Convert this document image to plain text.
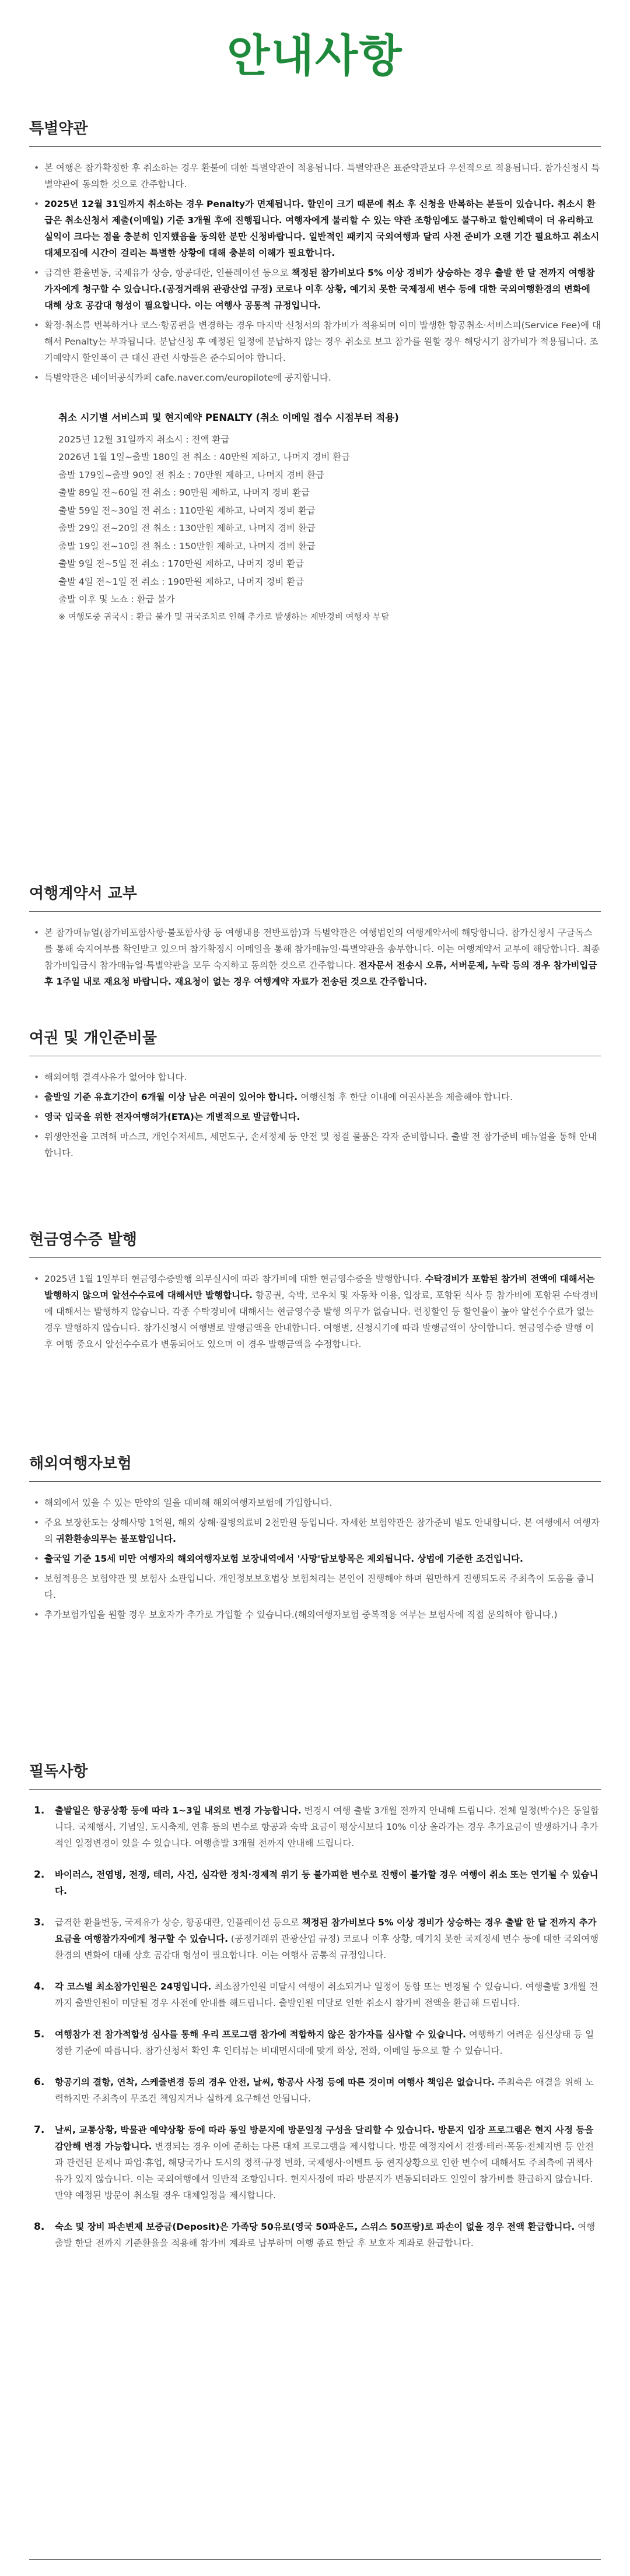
안내사항
특별약관
• 본 여행은 참가확정한 후 취소하는 경우 환불에 대한 특별약관이 적용됩니다. 특별약관은 표준약관보다 우선적으로 적용됩니다. 참가신청시 특별약관에 동의한 것으로 간주합니다.
• 2025년 12월 31일까지 취소하는 경우 Penalty가 면제됩니다. 할인이 크기 때문에 취소 후 신청을 반복하는 분들이 있습니다. 취소시 환급은 취소신청서 제출(이메일) 기준 3개월 후에 진행됩니다. 여행자에게 불리할 수 있는 약관 조항임에도 불구하고 할인혜택이 더 유리하고 실익이 크다는 점을 충분히 인지했음을 동의한 분만 신청바랍니다. 일반적인 패키지 국외여행과 달리 사전 준비가 오랜 기간 필요하고 취소시 대체모집에 시간이 걸리는 특별한 상황에 대해 충분히 이해가 필요합니다.
• 급격한 환율변동, 국제유가 상승, 항공대란, 인플레이션 등으로 책정된 참가비보다 5% 이상 경비가 상승하는 경우 출발 한 달 전까지 여행참가자에게 청구할 수 있습니다.(공정거래위 관광산업 규정) 코로나 이후 상황, 예기치 못한 국제정세 변수 등에 대한 국외여행환경의 변화에 대해 상호 공감대 형성이 필요합니다. 이는 여행사 공통적 규정입니다.
• 확정·취소를 번복하거나 코스·항공편을 변경하는 경우 마지막 신청서의 참가비가 적용되며 이미 발생한 항공취소·서비스피(Service Fee)에 대해서 Penalty는 부과됩니다. 분납신청 후 예정된 일정에 분납하지 않는 경우 취소로 보고 참가를 원할 경우 해당시기 참가비가 적용됩니다. 조기예약시 할인폭이 큰 대신 관련 사항들은 준수되어야 합니다.
• 특별약관은 네이버공식카페 cafe.naver.com/europilote에 공지합니다.
취소 시기별 서비스피 및 현지예약 PENALTY (취소 이메일 접수 시점부터 적용)
2025년 12월 31일까지 취소시 : 전액 환급
2026년 1월 1일~출발 180일 전 취소 : 40만원 제하고, 나머지 경비 환급
출발 179일~출발 90일 전 취소 : 70만원 제하고, 나머지 경비 환급
출발 89일 전~60일 전 취소 : 90만원 제하고, 나머지 경비 환급
출발 59일 전~30일 전 취소 : 110만원 제하고, 나머지 경비 환급
출발 29일 전~20일 전 취소 : 130만원 제하고, 나머지 경비 환급
출발 19일 전~10일 전 취소 : 150만원 제하고, 나머지 경비 환급
출발 9일 전~5일 전 취소 : 170만원 제하고, 나머지 경비 환급
출발 4일 전~1일 전 취소 : 190만원 제하고, 나머지 경비 환급
출발 이후 및 노쇼 : 환급 불가
※ 여행도중 귀국시 : 환급 불가 및 귀국조치로 인해 추가로 발생하는 제반경비 여행자 부담
여행계약서 교부
• 본 참가매뉴얼(참가비포함사항·불포함사항 등 여행내용 전반포함)과 특별약관은 여행법인의 여행계약서에 해당합니다. 참가신청시 구글독스를 통해 숙지여부를 확인받고 있으며 참가확정시 이메일을 통해 참가매뉴얼·특별약관을 송부합니다. 이는 여행계약서 교부에 해당합니다. 최종 참가비입금시 참가매뉴얼·특별약관을 모두 숙지하고 동의한 것으로 간주합니다. 전자문서 전송시 오류, 서버문제, 누락 등의 경우 참가비입금 후 1주일 내로 재요청 바랍니다. 재요청이 없는 경우 여행계약 자료가 전송된 것으로 간주합니다.
여권 및 개인준비물
• 해외여행 결격사유가 없어야 합니다.
• 출발일 기준 유효기간이 6개월 이상 남은 여권이 있어야 합니다. 여행신청 후 한달 이내에 여권사본을 제출해야 합니다.
• 영국 입국을 위한 전자여행허가(ETA)는 개별적으로 발급합니다.
• 위생안전을 고려해 마스크, 개인수저세트, 세면도구, 손세정제 등 안전 및 청결 물품은 각자 준비합니다. 출발 전 참가준비 매뉴얼을 통해 안내합니다.
현금영수증 발행
• 2025년 1월 1일부터 현금영수증발행 의무실시에 따라 참가비에 대한 현금영수증을 발행합니다. 수탁경비가 포함된 참가비 전액에 대해서는 발행하지 않으며 알선수수료에 대해서만 발행합니다. 항공권, 숙박, 코우치 및 자동차 이용, 입장료, 포함된 식사 등 참가비에 포함된 수탁경비에 대해서는 발행하지 않습니다. 각종 수탁경비에 대해서는 현금영수증 발행 의무가 없습니다. 런칭할인 등 할인율이 높아 알선수수료가 없는 경우 발행하지 않습니다. 참가신청시 여행별로 발행금액을 안내합니다. 여행별, 신청시기에 따라 발행금액이 상이합니다. 현금영수증 발행 이후 여행 중요시 알선수수료가 변동되어도 있으며 이 경우 발행금액을 수정합니다.
해외여행자보험
• 해외에서 있을 수 있는 만약의 일을 대비해 해외여행자보험에 가입합니다.
• 주요 보장한도는 상해사망 1억원, 해외 상해·질병의료비 2천만원 등입니다. 자세한 보험약관은 참가준비 별도 안내합니다. 본 여행에서 여행자의 귀환환송의무는 불포함입니다.
• 출국일 기준 15세 미만 여행자의 해외여행자보험 보장내역에서 '사망'담보항목은 제외됩니다. 상법에 기준한 조건입니다.
• 보험적용은 보험약관 및 보험사 소관입니다. 개인정보보호법상 보험처리는 본인이 진행해야 하며 원만하게 진행되도록 주최측이 도움을 줍니다.
• 추가보험가입을 원할 경우 보호자가 추가로 가입할 수 있습니다.(해외여행자보험 중복적용 여부는 보험사에 직접 문의해야 합니다.)
필독사항
1. 출발일은 항공상황 등에 따라 1~3일 내외로 변경 가능합니다. 변경시 여행 출발 3개월 전까지 안내해 드립니다. 전체 일정(박수)은 동일합니다. 국제행사, 기념일, 도시축제, 연휴 등의 변수로 항공과 숙박 요금이 평상시보다 10% 이상 올라가는 경우 추가요금이 발생하거나 추가적인 일정변경이 있을 수 있습니다. 여행출발 3개월 전까지 안내해 드립니다.
2. 바이러스, 전염병, 전쟁, 테러, 사건, 심각한 정치·경제적 위기 등 불가피한 변수로 진행이 불가할 경우 여행이 취소 또는 연기될 수 있습니다.
3. 급격한 환율변동, 국제유가 상승, 항공대란, 인플레이션 등으로 책정된 참가비보다 5% 이상 경비가 상승하는 경우 출발 한 달 전까지 추가요금을 여행참가자에게 청구할 수 있습니다. (공정거래위 관광산업 규정) 코로나 이후 상황, 예기치 못한 국제정세 변수 등에 대한 국외여행환경의 변화에 대해 상호 공감대 형성이 필요합니다. 이는 여행사 공통적 규정입니다.
4. 각 코스별 최소참가인원은 24명입니다. 최소참가인원 미달시 여행이 취소되거나 일정이 통합 또는 변경될 수 있습니다. 여행출발 3개월 전까지 출발인원이 미달될 경우 사전에 안내를 해드립니다. 출발인원 미달로 인한 취소시 참가비 전액을 환급해 드립니다.
5. 여행참가 전 참가적합성 심사를 통해 우리 프로그램 참가에 적합하지 않은 참가자를 심사할 수 있습니다. 여행하기 어려운 심신상태 등 일정한 기준에 따릅니다. 참가신청서 확인 후 인터뷰는 비대면시대에 맞게 화상, 전화, 이메일 등으로 할 수 있습니다.
6. 항공기의 결항, 연착, 스케줄변경 등의 경우 안전, 날씨, 항공사 사정 등에 따른 것이며 여행사 책임은 없습니다. 주최측은 애결을 위해 노력하지만 주최측이 무조건 책임지거나 실하게 요구해선 안됩니다.
7. 날씨, 교통상황, 박물관 예약상황 등에 따라 동일 방문지에 방문일정 구성을 달리할 수 있습니다. 방문지 입장 프로그램은 현지 사정 등을 감안해 변경 가능합니다. 변경되는 경우 이에 준하는 다른 대체 프로그램을 제시합니다. 방문 예정지에서 전쟁·테러·폭동·전체지변 등 안전과 관련된 문제나 파업·휴업, 해당국가나 도시의 정책·규정 변화, 국제행사·이벤트 등 현지상황으로 인한 변수에 대해서도 주최측에 귀책사유가 있지 않습니다. 이는 국외여행에서 일반적 조항입니다. 현지사정에 따라 방문지가 변동되더라도 일일이 참가비를 환급하지 않습니다. 만약 예정된 방문이 취소될 경우 대체일정을 제시합니다.
8. 숙소 및 장비 파손변제 보증금(Deposit)은 가족당 50유로(영국 50파운드, 스위스 50프랑)로 파손이 없을 경우 전액 환급합니다. 여행 출발 한달 전까지 기준환율을 적용해 참가비 계좌로 납부하며 여행 종료 한달 후 보호자 계좌로 환급합니다.
